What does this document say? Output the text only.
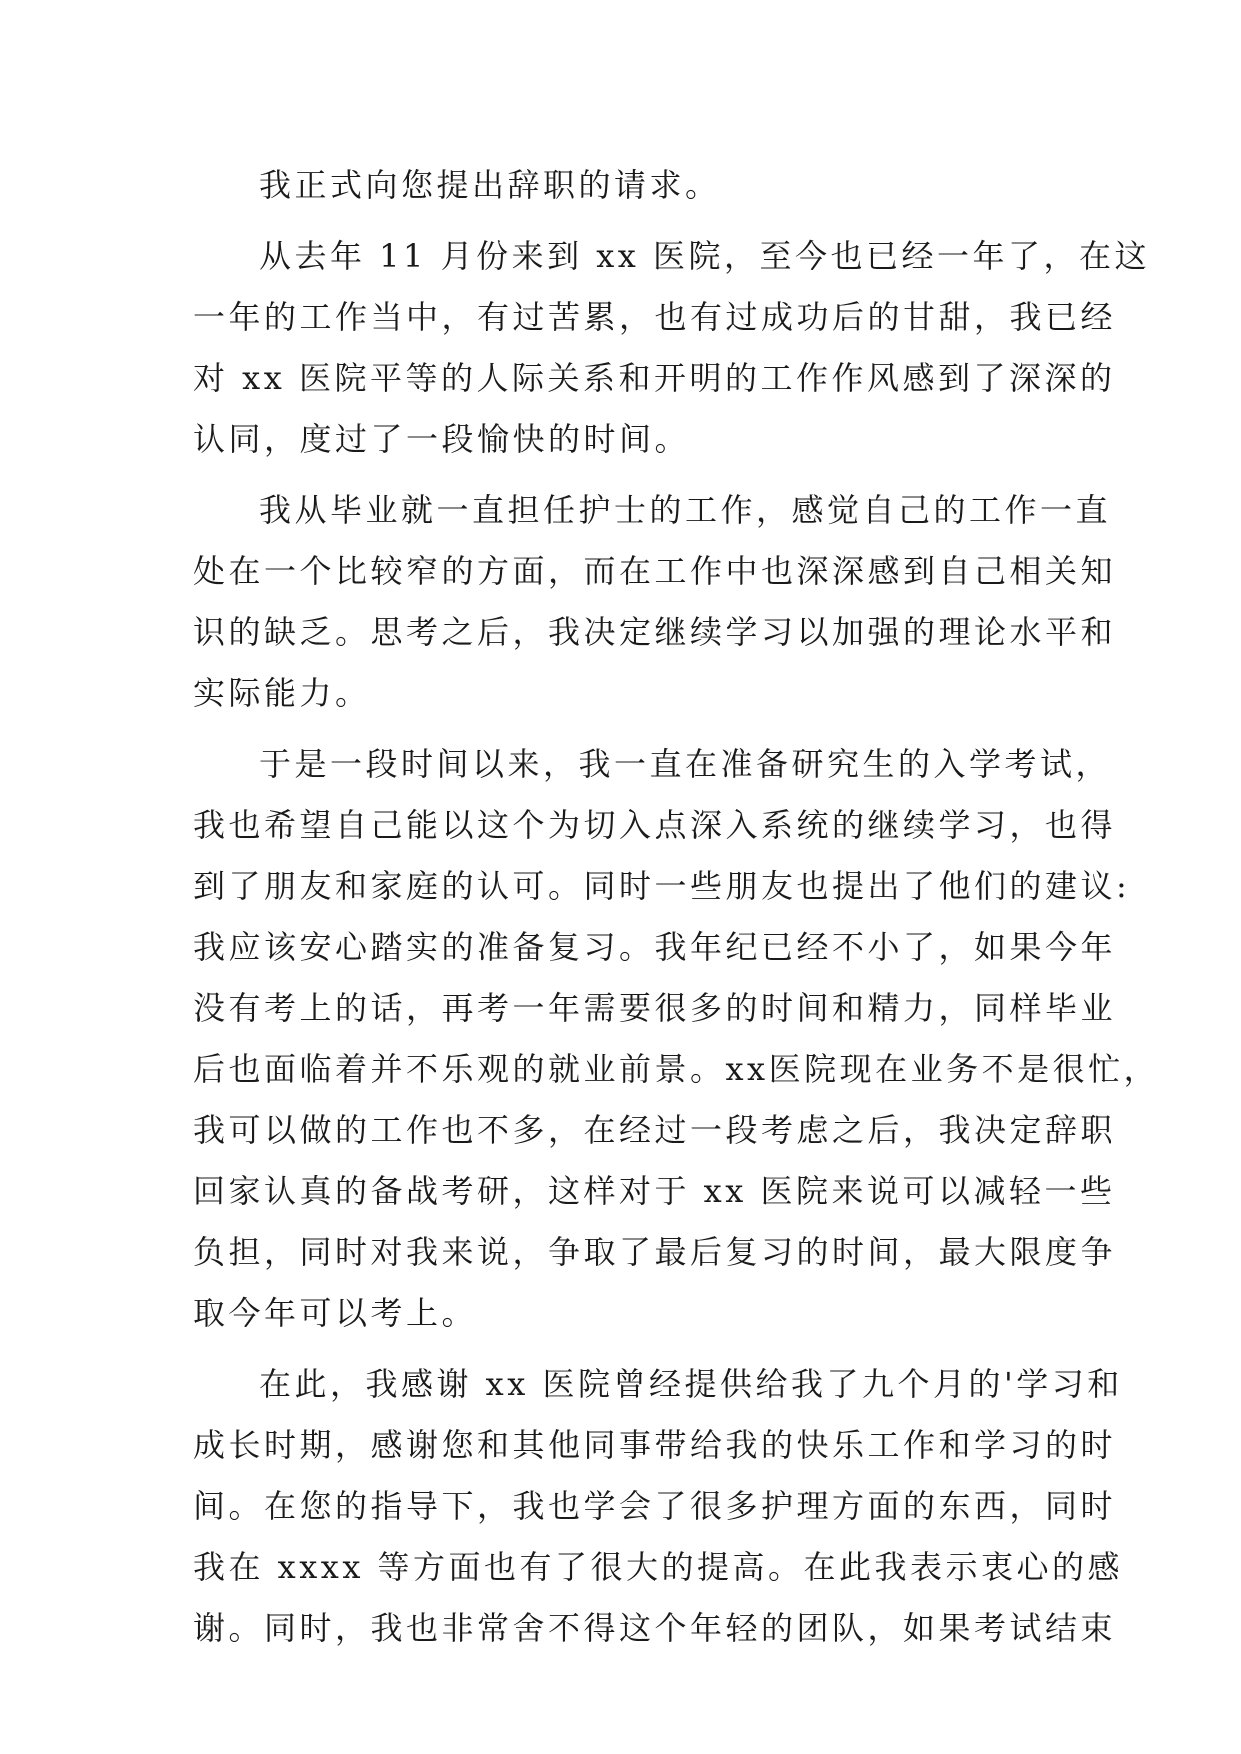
我正式向您提出辞职的请求。
从去年 11 月份来到 xx 医院，至今也已经一年了，在这
一年的工作当中，有过苦累，也有过成功后的甘甜，我已经
对 xx 医院平等的人际关系和开明的工作作风感到了深深的
认同，度过了一段愉快的时间。
我从毕业就一直担任护士的工作，感觉自己的工作一直
处在一个比较窄的方面，而在工作中也深深感到自己相关知
识的缺乏。思考之后，我决定继续学习以加强的理论水平和
实际能力。
于是一段时间以来，我一直在准备研究生的入学考试，
我也希望自己能以这个为切入点深入系统的继续学习，也得
到了朋友和家庭的认可。同时一些朋友也提出了他们的建议:
我应该安心踏实的准备复习。我年纪已经不小了，如果今年
没有考上的话，再考一年需要很多的时间和精力，同样毕业
后也面临着并不乐观的就业前景。xx医院现在业务不是很忙，
我可以做的工作也不多，在经过一段考虑之后，我决定辞职
回家认真的备战考研，这样对于 xx 医院来说可以减轻一些
负担，同时对我来说，争取了最后复习的时间，最大限度争
取今年可以考上。
在此，我感谢 xx 医院曾经提供给我了九个月的'学习和
成长时期，感谢您和其他同事带给我的快乐工作和学习的时
间。在您的指导下，我也学会了很多护理方面的东西，同时
我在 xxxx 等方面也有了很大的提高。在此我表示衷心的感
谢。同时，我也非常舍不得这个年轻的团队，如果考试结束
